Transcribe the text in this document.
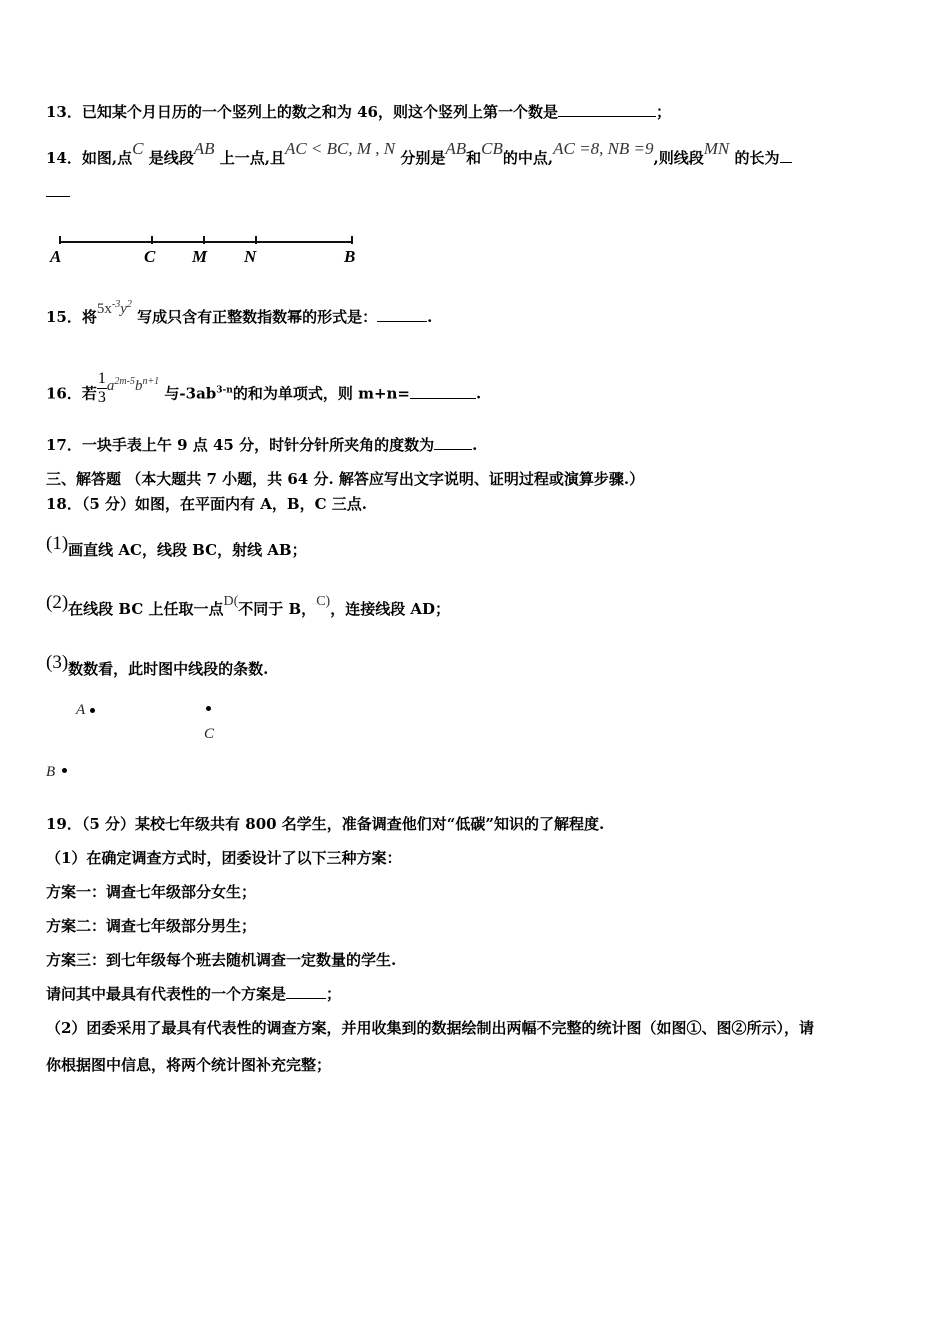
13．已知某个月日历的一个竖列上的数之和为 46，则这个竖列上第一个数是	；
14．如图,点C 是线段AB 上一点,且AC < BC, M , N 分别是AB和CB的中点,AC =8, NB =9,则线段MN 的长为
A	C M N	B
15．将$5x^{-3}y^2$ 写成只含有正整数指数幂的形式是：	.
16．若 $\frac{1}{3}a^{2m-5}b^{n+1}$ 与$-3ab^{3-n}$的和为单项式，则 m+n=	.
17．一块手表上午 9 点 45 分，时针分针所夹角的度数为	.
三、解答题 （本大题共 7 小题，共 64 分. 解答应写出文字说明、证明过程或演算步骤.）
18．（5 分）如图，在平面内有 A，B，C 三点.
(1)画直线 AC，线段 BC，射线 AB；
(2)在线段 BC 上任取一点D(不同于 B，C)，连接线段 AD；
(3)数数看，此时图中线段的条数.
A
C
B
19．（5 分）某校七年级共有 800 名学生，准备调查他们对“低碳”知识的了解程度.
（1）在确定调查方式时，团委设计了以下三种方案：
方案一：调查七年级部分女生；
方案二：调查七年级部分男生；
方案三：到七年级每个班去随机调查一定数量的学生.
请问其中最具有代表性的一个方案是	；
（2）团委采用了最具有代表性的调查方案，并用收集到的数据绘制出两幅不完整的统计图（如图①、图②所示），请
你根据图中信息，将两个统计图补充完整；
